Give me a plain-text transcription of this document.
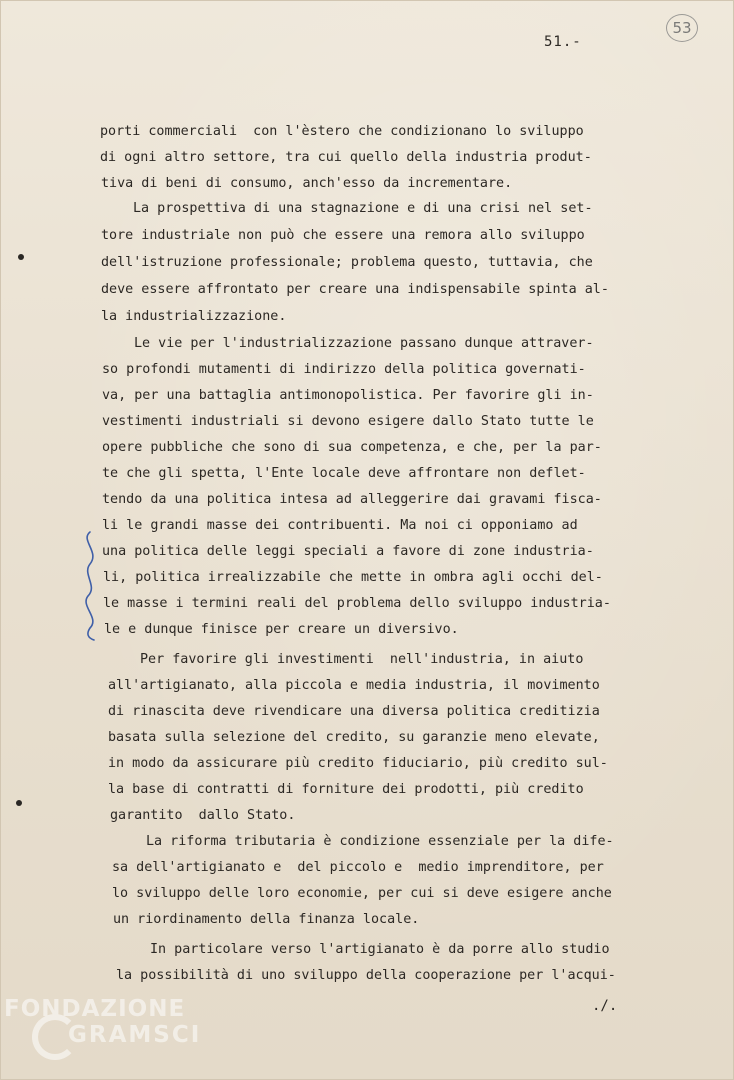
51.-
53
porti commerciali  con l'èstero che condizionano lo sviluppo
di ogni altro settore, tra cui quello della industria produt-
tiva di beni di consumo, anch'esso da incrementare.
La prospettiva di una stagnazione e di una crisi nel set-
tore industriale non può che essere una remora allo sviluppo
dell'istruzione professionale; problema questo, tuttavia, che
deve essere affrontato per creare una indispensabile spinta al-
la industrializzazione.
Le vie per l'industrializzazione passano dunque attraver-
so profondi mutamenti di indirizzo della politica governati-
va, per una battaglia antimonopolistica. Per favorire gli in-
vestimenti industriali si devono esigere dallo Stato tutte le
opere pubbliche che sono di sua competenza, e che, per la par-
te che gli spetta, l'Ente locale deve affrontare non deflet-
tendo da una politica intesa ad alleggerire dai gravami fisca-
li le grandi masse dei contribuenti. Ma noi ci opponiamo ad
una politica delle leggi speciali a favore di zone industria-
li, politica irrealizzabile che mette in ombra agli occhi del-
le masse i termini reali del problema dello sviluppo industria-
le e dunque finisce per creare un diversivo.
Per favorire gli investimenti  nell'industria, in aiuto
all'artigianato, alla piccola e media industria, il movimento
di rinascita deve rivendicare una diversa politica creditizia
basata sulla selezione del credito, su garanzie meno elevate,
in modo da assicurare più credito fiduciario, più credito sul-
la base di contratti di forniture dei prodotti, più credito
garantito  dallo Stato.
La riforma tributaria è condizione essenziale per la dife-
sa dell'artigianato e  del piccolo e  medio imprenditore, per
lo sviluppo delle loro economie, per cui si deve esigere anche
un riordinamento della finanza locale.
In particolare verso l'artigianato è da porre allo studio
la possibilità di uno sviluppo della cooperazione per l'acqui-
./.
FONDAZIONE
GRAMSCI
